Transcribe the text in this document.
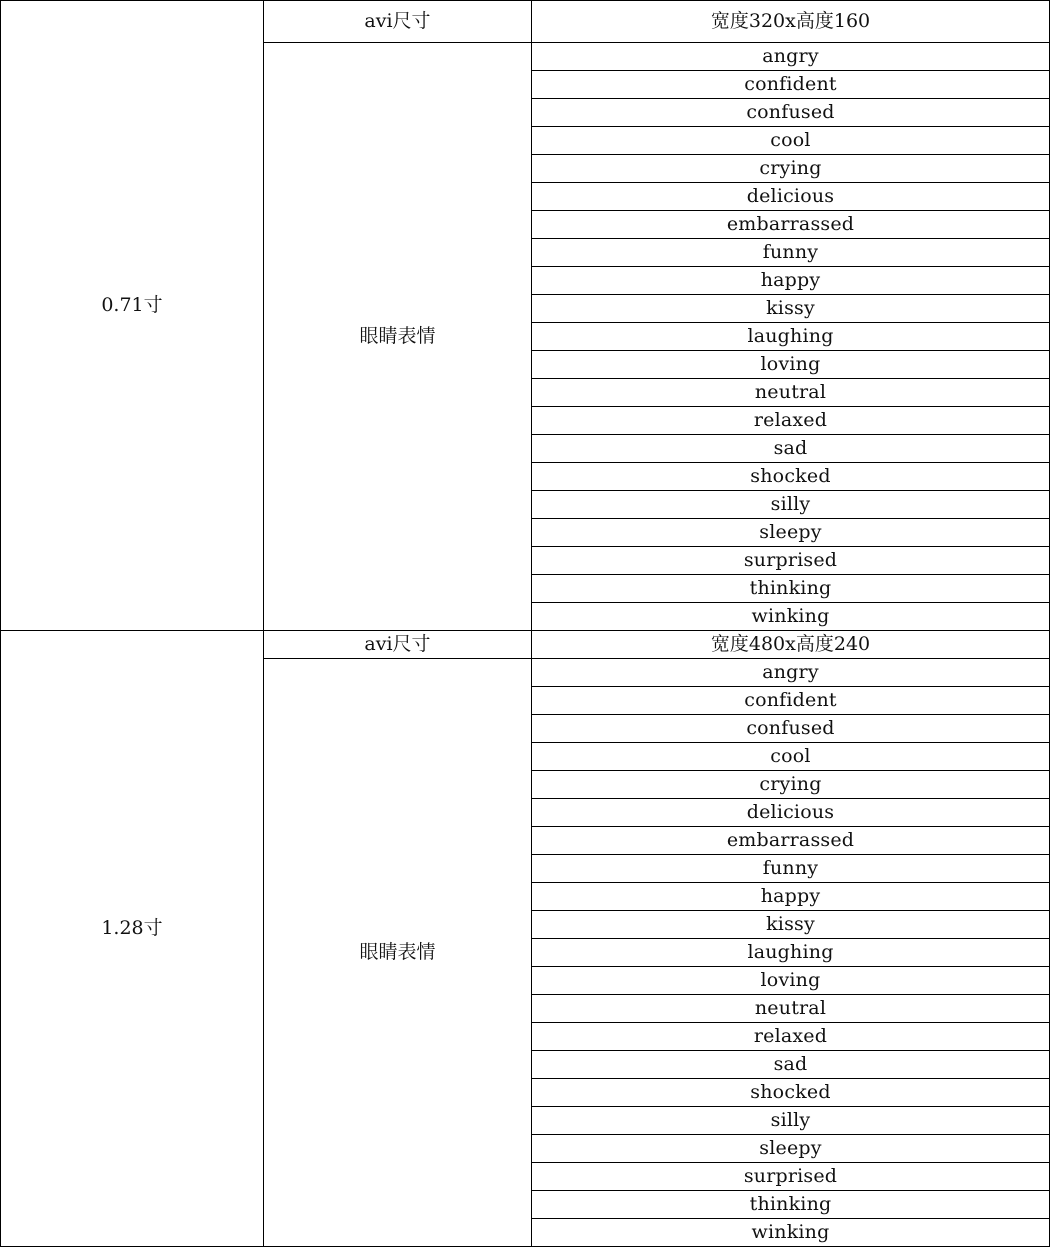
0.71寸
avi尺寸	宽度320x高度160
眼睛表情
angry
confident
confused
cool
crying
delicious
embarrassed
funny
happy
kissy
laughing
loving
neutral
relaxed
sad
shocked
silly
sleepy
surprised
thinking
winking
1.28寸
avi尺寸	宽度480x高度240
眼睛表情
angry
confident
confused
cool
crying
delicious
embarrassed
funny
happy
kissy
laughing
loving
neutral
relaxed
sad
shocked
silly
sleepy
surprised
thinking
winking
